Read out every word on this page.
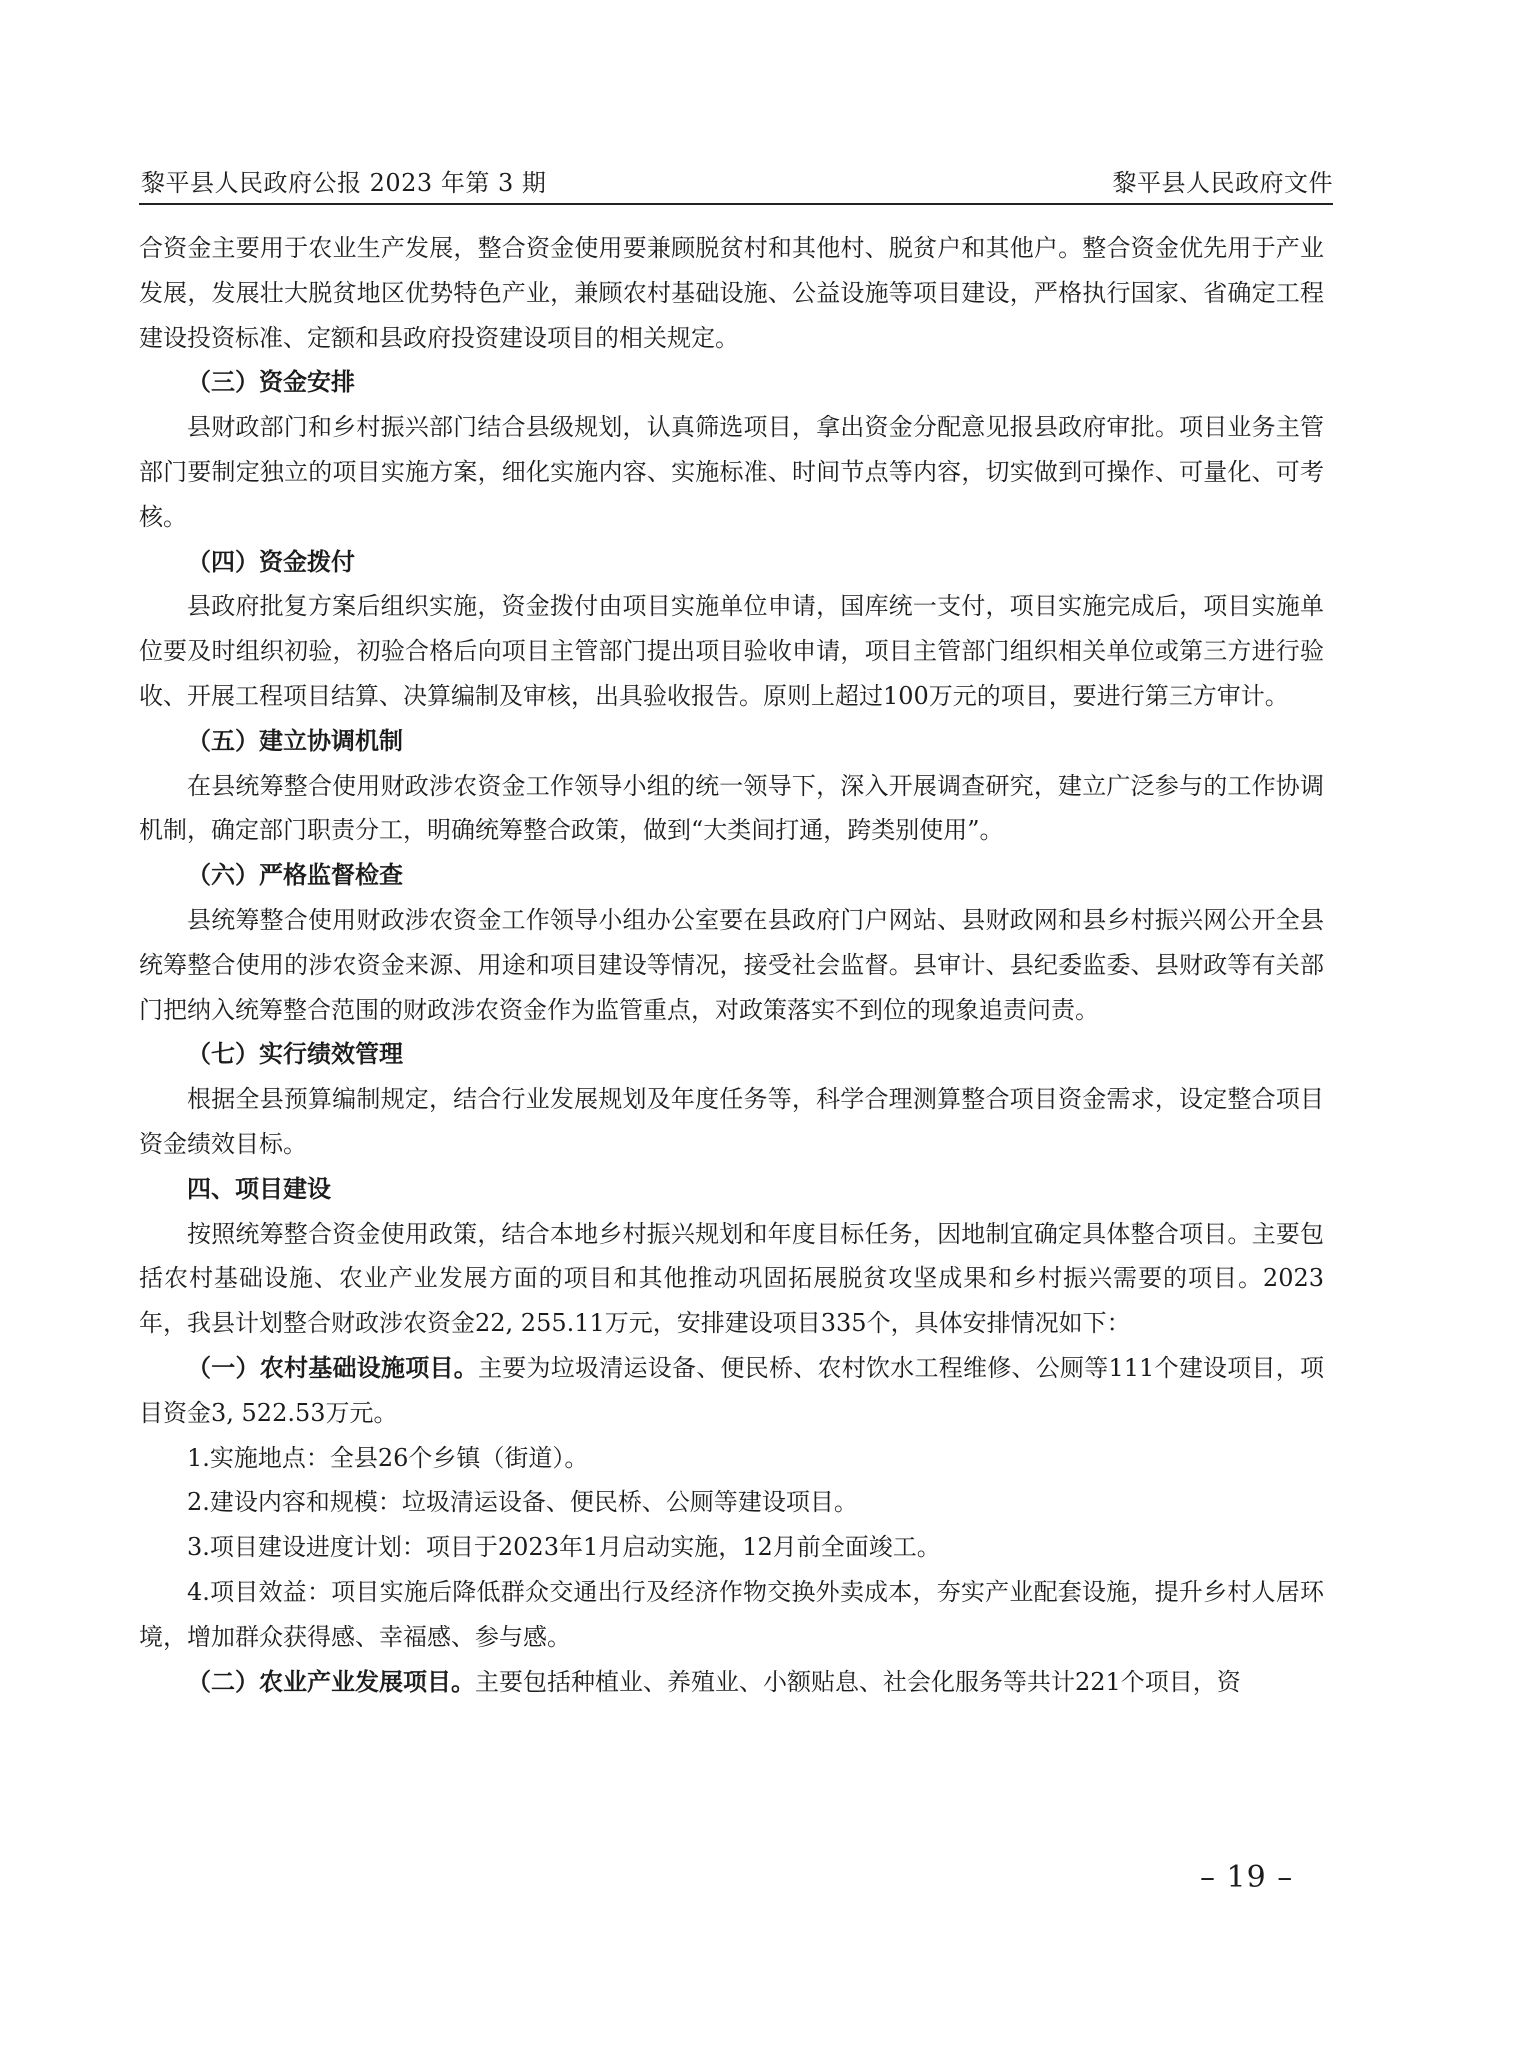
黎平县人民政府公报 2023 年第 3 期	黎平县人民政府文件

合资金主要用于农业生产发展，整合资金使用要兼顾脱贫村和其他村、脱贫户和其他户。整合资金优先用于产业发展，发展壮大脱贫地区优势特色产业，兼顾农村基础设施、公益设施等项目建设，严格执行国家、省确定工程建设投资标准、定额和县政府投资建设项目的相关规定。

（三）资金安排

县财政部门和乡村振兴部门结合县级规划，认真筛选项目，拿出资金分配意见报县政府审批。项目业务主管部门要制定独立的项目实施方案，细化实施内容、实施标准、时间节点等内容，切实做到可操作、可量化、可考核。

（四）资金拨付

县政府批复方案后组织实施，资金拨付由项目实施单位申请，国库统一支付，项目实施完成后，项目实施单位要及时组织初验，初验合格后向项目主管部门提出项目验收申请，项目主管部门组织相关单位或第三方进行验收、开展工程项目结算、决算编制及审核，出具验收报告。原则上超过100万元的项目，要进行第三方审计。

（五）建立协调机制

在县统筹整合使用财政涉农资金工作领导小组的统一领导下，深入开展调查研究，建立广泛参与的工作协调机制，确定部门职责分工，明确统筹整合政策，做到“大类间打通，跨类别使用”。

（六）严格监督检查

县统筹整合使用财政涉农资金工作领导小组办公室要在县政府门户网站、县财政网和县乡村振兴网公开全县统筹整合使用的涉农资金来源、用途和项目建设等情况，接受社会监督。县审计、县纪委监委、县财政等有关部门把纳入统筹整合范围的财政涉农资金作为监管重点，对政策落实不到位的现象追责问责。

（七）实行绩效管理

根据全县预算编制规定，结合行业发展规划及年度任务等，科学合理测算整合项目资金需求，设定整合项目资金绩效目标。

四、项目建设

按照统筹整合资金使用政策，结合本地乡村振兴规划和年度目标任务，因地制宜确定具体整合项目。主要包括农村基础设施、农业产业发展方面的项目和其他推动巩固拓展脱贫攻坚成果和乡村振兴需要的项目。2023年，我县计划整合财政涉农资金22, 255.11万元，安排建设项目335个，具体安排情况如下：

（一）农村基础设施项目。主要为垃圾清运设备、便民桥、农村饮水工程维修、公厕等111个建设项目，项目资金3, 522.53万元。

1.实施地点：全县26个乡镇（街道）。

2.建设内容和规模：垃圾清运设备、便民桥、公厕等建设项目。

3.项目建设进度计划：项目于2023年1月启动实施，12月前全面竣工。

4.项目效益：项目实施后降低群众交通出行及经济作物交换外卖成本，夯实产业配套设施，提升乡村人居环境，增加群众获得感、幸福感、参与感。

（二）农业产业发展项目。主要包括种植业、养殖业、小额贴息、社会化服务等共计221个项目，资

– 19 –
